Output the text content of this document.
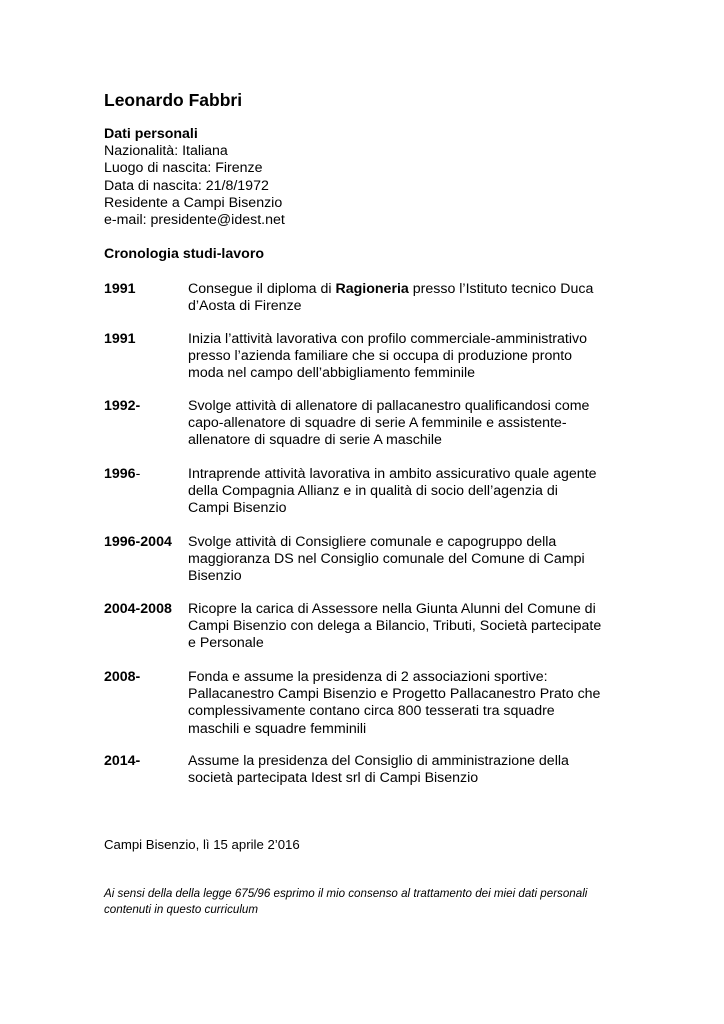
Leonardo Fabbri
Dati personali
Nazionalità: Italiana
Luogo di nascita: Firenze
Data di nascita: 21/8/1972
Residente a Campi Bisenzio
e-mail: presidente@idest.net
Cronologia studi-lavoro
1991	Consegue il diploma di Ragioneria presso l’Istituto tecnico Duca
d’Aosta di Firenze
1991	Inizia l’attività lavorativa con profilo commerciale-amministrativo
presso l’azienda familiare che si occupa di produzione pronto
moda nel campo dell’abbigliamento femminile
1992-	Svolge attività di allenatore di pallacanestro qualificandosi come
capo-allenatore di squadre di serie A femminile e assistente-
allenatore di squadre di serie A maschile
1996-	Intraprende attività lavorativa in ambito assicurativo quale agente
della Compagnia Allianz e in qualità di socio dell’agenzia di
Campi Bisenzio
1996-2004	Svolge attività di Consigliere comunale e capogruppo della
maggioranza DS nel Consiglio comunale del Comune di Campi
Bisenzio
2004-2008	Ricopre la carica di Assessore nella Giunta Alunni del Comune di
Campi Bisenzio con delega a Bilancio, Tributi, Società partecipate
e Personale
2008-	Fonda e assume la presidenza di 2 associazioni sportive:
Pallacanestro Campi Bisenzio e Progetto Pallacanestro Prato che
complessivamente contano circa 800 tesserati tra squadre
maschili e squadre femminili
2014-	Assume la presidenza del Consiglio di amministrazione della
società partecipata Idest srl di Campi Bisenzio
Campi Bisenzio, lì 15 aprile 2’016
Ai sensi della della legge 675/96 esprimo il mio consenso al trattamento dei miei dati personali
contenuti in questo curriculum
